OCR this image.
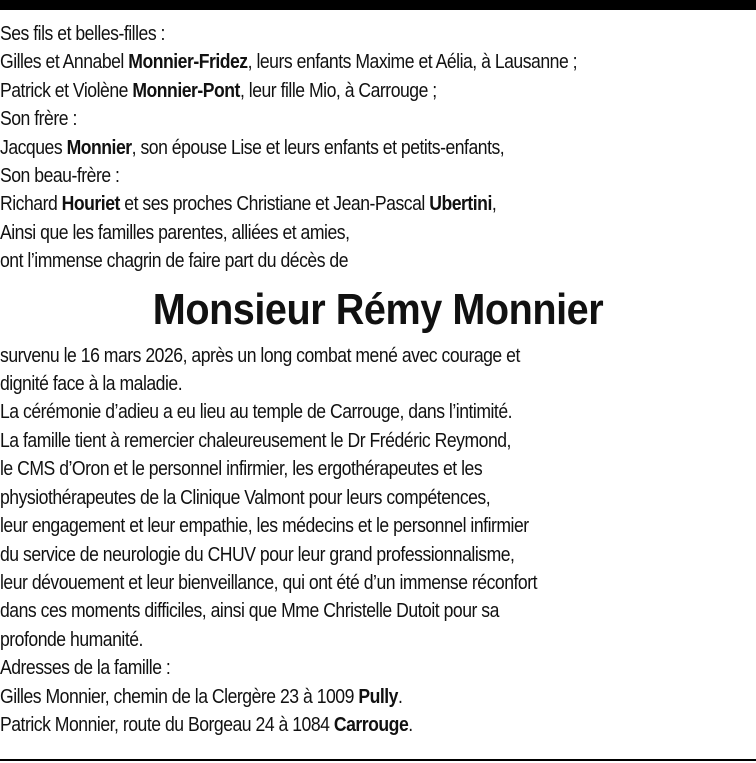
Ses fils et belles-filles :
Gilles et Annabel Monnier-Fridez, leurs enfants Maxime et Aélia, à Lausanne ;
Patrick et Violène Monnier-Pont, leur fille Mio, à Carrouge ;
Son frère :
Jacques Monnier, son épouse Lise et leurs enfants et petits-enfants,
Son beau-frère :
Richard Houriet et ses proches Christiane et Jean-Pascal Ubertini,
Ainsi que les familles parentes, alliées et amies,
ont l’immense chagrin de faire part du décès de
Monsieur Rémy Monnier
survenu le 16 mars 2026, après un long combat mené avec courage et
dignité face à la maladie.
La cérémonie d’adieu a eu lieu au temple de Carrouge, dans l’intimité.
La famille tient à remercier chaleureusement le Dr Frédéric Reymond,
le CMS d’Oron et le personnel infirmier, les ergothérapeutes et les
physiothérapeutes de la Clinique Valmont pour leurs compétences,
leur engagement et leur empathie, les médecins et le personnel infirmier
du service de neurologie du CHUV pour leur grand professionnalisme,
leur dévouement et leur bienveillance, qui ont été d’un immense réconfort
dans ces moments difficiles, ainsi que Mme Christelle Dutoit pour sa
profonde humanité.
Adresses de la famille :
Gilles Monnier, chemin de la Clergère 23 à 1009 Pully.
Patrick Monnier, route du Borgeau 24 à 1084 Carrouge.
